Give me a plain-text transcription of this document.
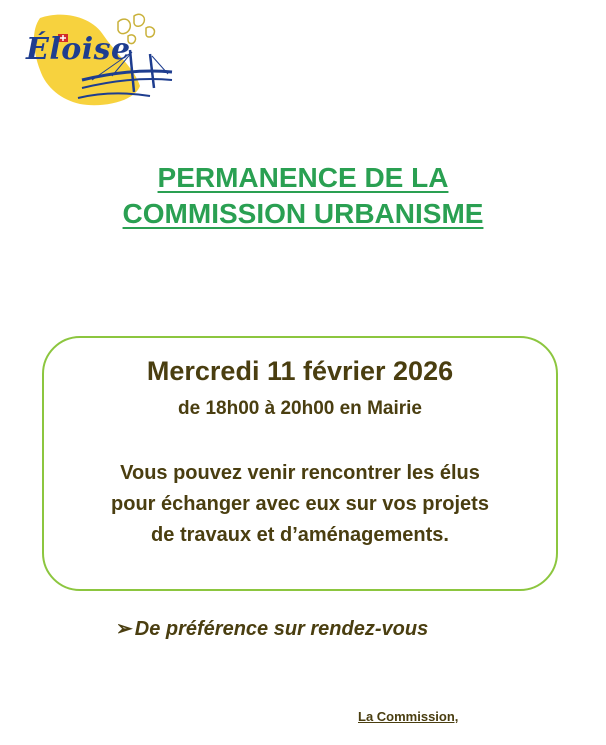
Éloise
PERMANENCE DE LA
COMMISSION URBANISME
Mercredi 11 février 2026
de 18h00 à 20h00 en Mairie
Vous pouvez venir rencontrer les élus
pour échanger avec eux sur vos projets
de travaux et d’aménagements.
➢ De préférence sur rendez-vous
La Commission,
